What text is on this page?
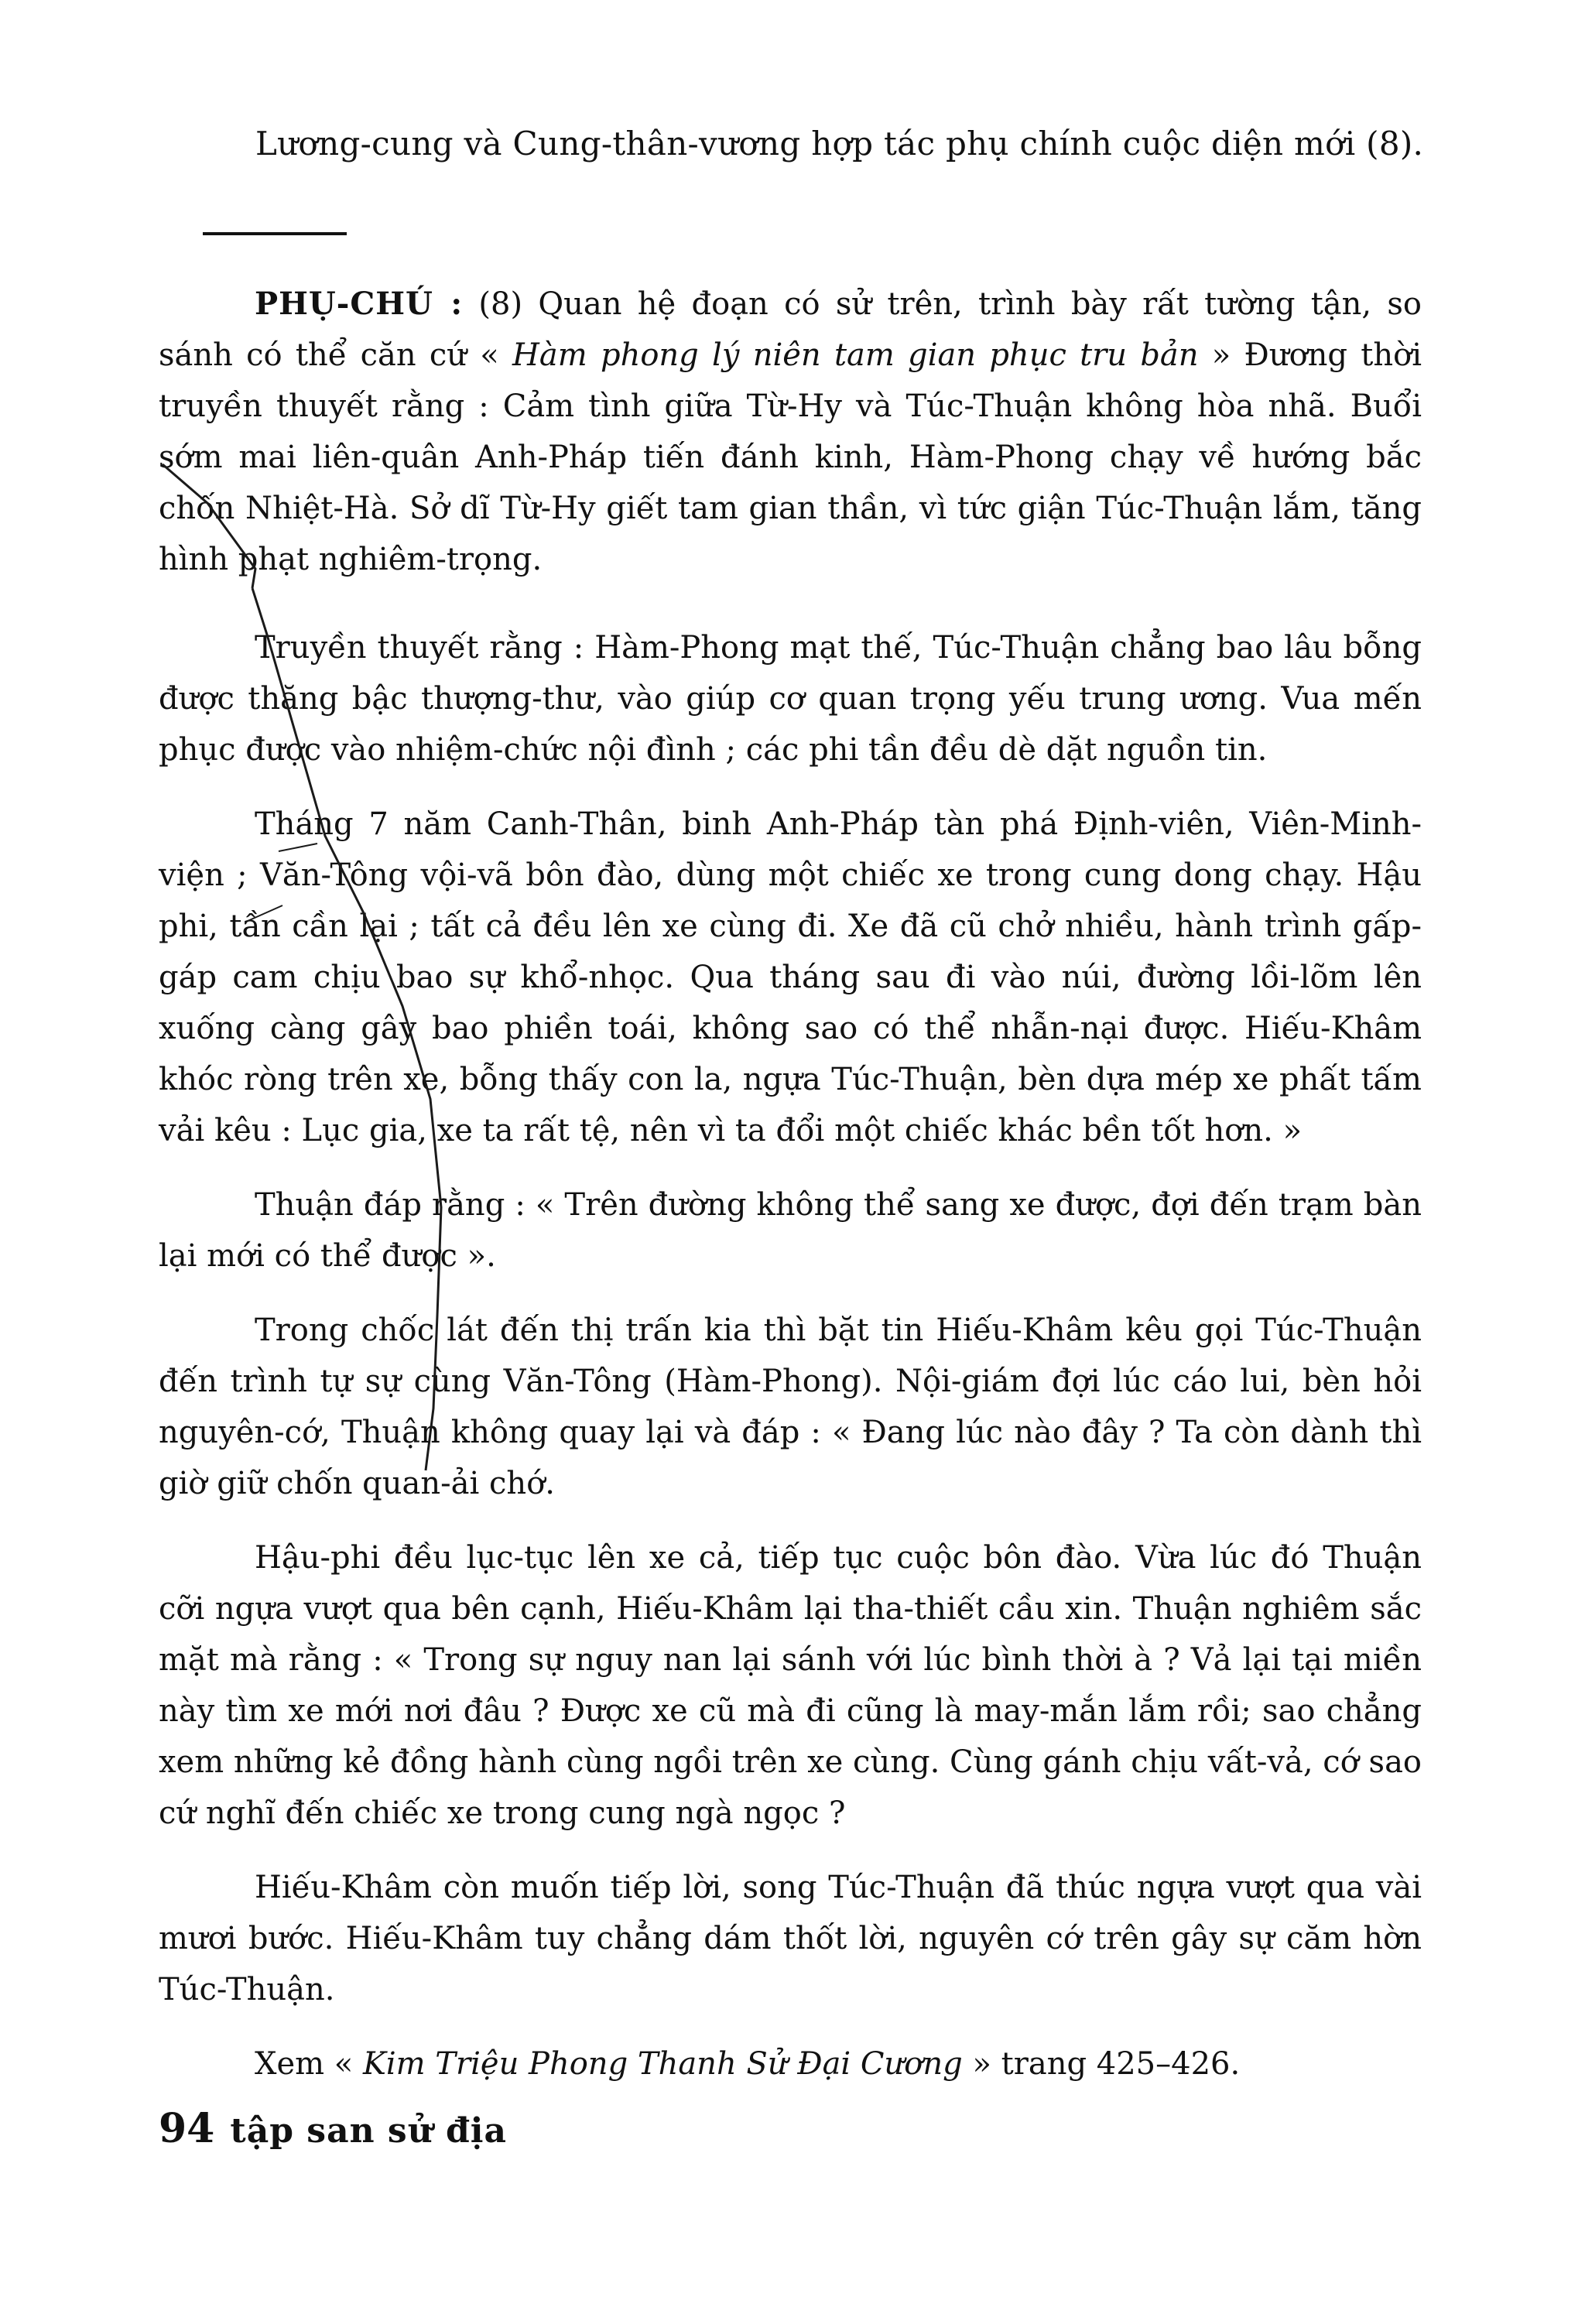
Lương-cung và Cung-thân-vương hợp tác phụ chính cuộc diện mới (8).

PHỤ-CHÚ : (8) Quan hệ đoạn có sử trên, trình bày rất tường tận, so sánh có thể căn cứ « Hàm phong lý niên tam gian phục tru bản » Đương thời truyền thuyết rằng : Cảm tình giữa Từ-Hy và Túc-Thuận không hòa nhã. Buổi sớm mai liên-quân Anh-Pháp tiến đánh kinh, Hàm-Phong chạy về hướng bắc chốn Nhiệt-Hà. Sở dĩ Từ-Hy giết tam gian thần, vì tức giận Túc-Thuận lắm, tăng hình phạt nghiêm-trọng.

Truyền thuyết rằng : Hàm-Phong mạt thế, Túc-Thuận chẳng bao lâu bỗng được thăng bậc thượng-thư, vào giúp cơ quan trọng yếu trung ương. Vua mến phục được vào nhiệm-chức nội đình ; các phi tần đều dè dặt nguồn tin.

Tháng 7 năm Canh-Thân, binh Anh-Pháp tàn phá Định-viên, Viên-Minh-viện ; Văn-Tông vội-vã bôn đào, dùng một chiếc xe trong cung dong chạy. Hậu phi, tần cần lại ; tất cả đều lên xe cùng đi. Xe đã cũ chở nhiều, hành trình gấp-gáp cam chịu bao sự khổ-nhọc. Qua tháng sau đi vào núi, đường lồi-lõm lên xuống càng gây bao phiền toái, không sao có thể nhẫn-nại được. Hiếu-Khâm khóc ròng trên xe, bỗng thấy con la, ngựa Túc-Thuận, bèn dựa mép xe phất tấm vải kêu : Lục gia, xe ta rất tệ, nên vì ta đổi một chiếc khác bền tốt hơn. »

Thuận đáp rằng : « Trên đường không thể sang xe được, đợi đến trạm bàn lại mới có thể được ».

Trong chốc lát đến thị trấn kia thì bặt tin Hiếu-Khâm kêu gọi Túc-Thuận đến trình tự sự cùng Văn-Tông (Hàm-Phong). Nội-giám đợi lúc cáo lui, bèn hỏi nguyên-cớ, Thuận không quay lại và đáp : « Đang lúc nào đây ? Ta còn dành thì giờ giữ chốn quan-ải chớ.

Hậu-phi đều lục-tục lên xe cả, tiếp tục cuộc bôn đào. Vừa lúc đó Thuận cỡi ngựa vượt qua bên cạnh, Hiếu-Khâm lại tha-thiết cầu xin. Thuận nghiêm sắc mặt mà rằng : « Trong sự nguy nan lại sánh với lúc bình thời à ? Vả lại tại miền này tìm xe mới nơi đâu ? Được xe cũ mà đi cũng là may-mắn lắm rồi; sao chẳng xem những kẻ đồng hành cùng ngồi trên xe cùng. Cùng gánh chịu vất-vả, cớ sao cứ nghĩ đến chiếc xe trong cung ngà ngọc ?

Hiếu-Khâm còn muốn tiếp lời, song Túc-Thuận đã thúc ngựa vượt qua vài mươi bước. Hiếu-Khâm tuy chẳng dám thốt lời, nguyên cớ trên gây sự căm hờn Túc-Thuận.

Xem « Kim Triệu Phong Thanh Sử Đại Cương » trang 425–426.

94 tập san sử địa
